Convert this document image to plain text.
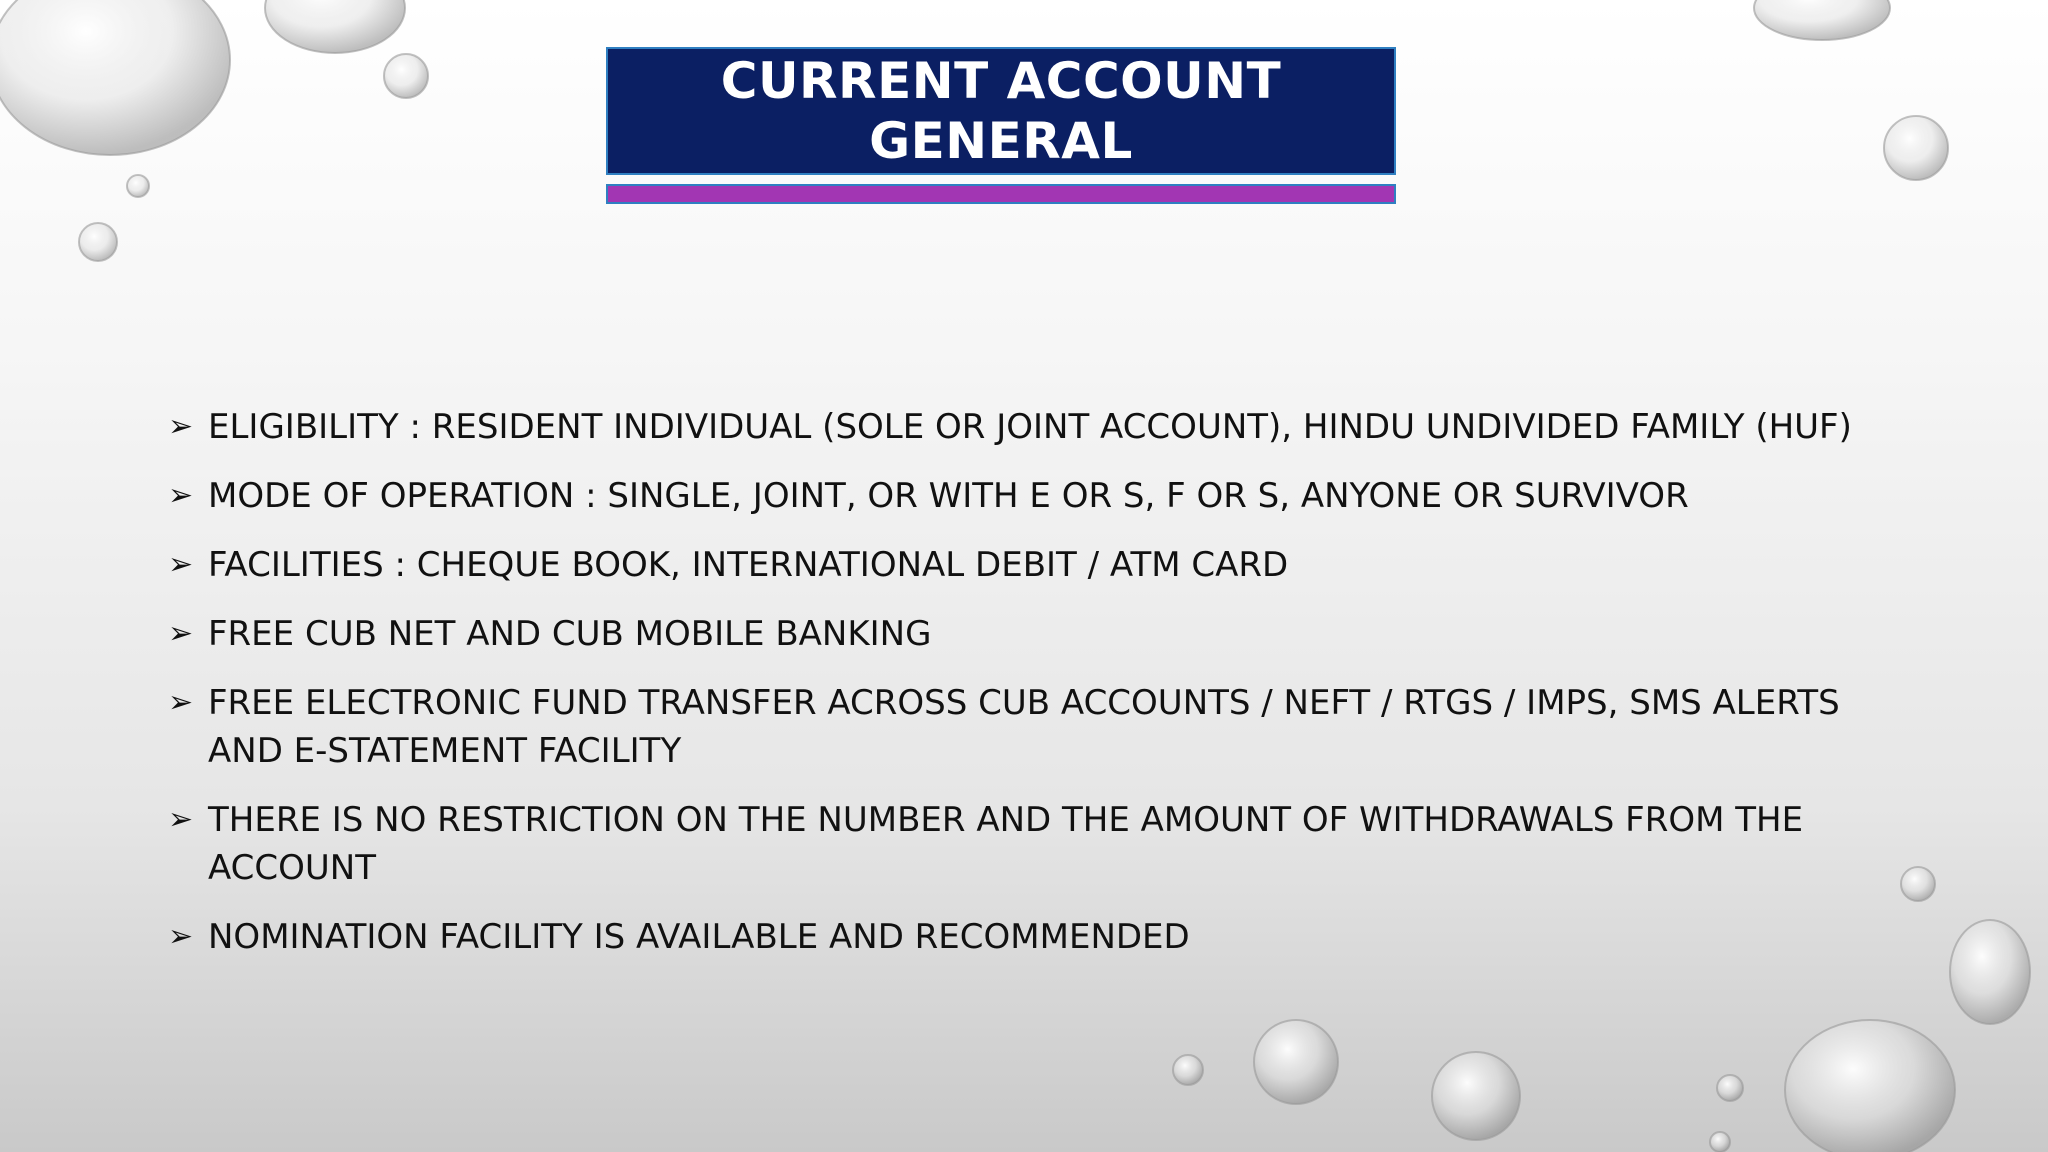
CURRENT ACCOUNT
GENERAL
➢ ELIGIBILITY : RESIDENT INDIVIDUAL (SOLE OR JOINT ACCOUNT), HINDU UNDIVIDED FAMILY (HUF)
➢ MODE OF OPERATION : SINGLE, JOINT, OR WITH E OR S, F OR S, ANYONE OR SURVIVOR
➢ FACILITIES : CHEQUE BOOK, INTERNATIONAL DEBIT / ATM CARD
➢ FREE CUB NET AND CUB MOBILE BANKING
➢ FREE ELECTRONIC FUND TRANSFER ACROSS CUB ACCOUNTS / NEFT / RTGS / IMPS, SMS ALERTS AND E-STATEMENT FACILITY
➢ THERE IS NO RESTRICTION ON THE NUMBER AND THE AMOUNT OF WITHDRAWALS FROM THE ACCOUNT
➢ NOMINATION FACILITY IS AVAILABLE AND RECOMMENDED
